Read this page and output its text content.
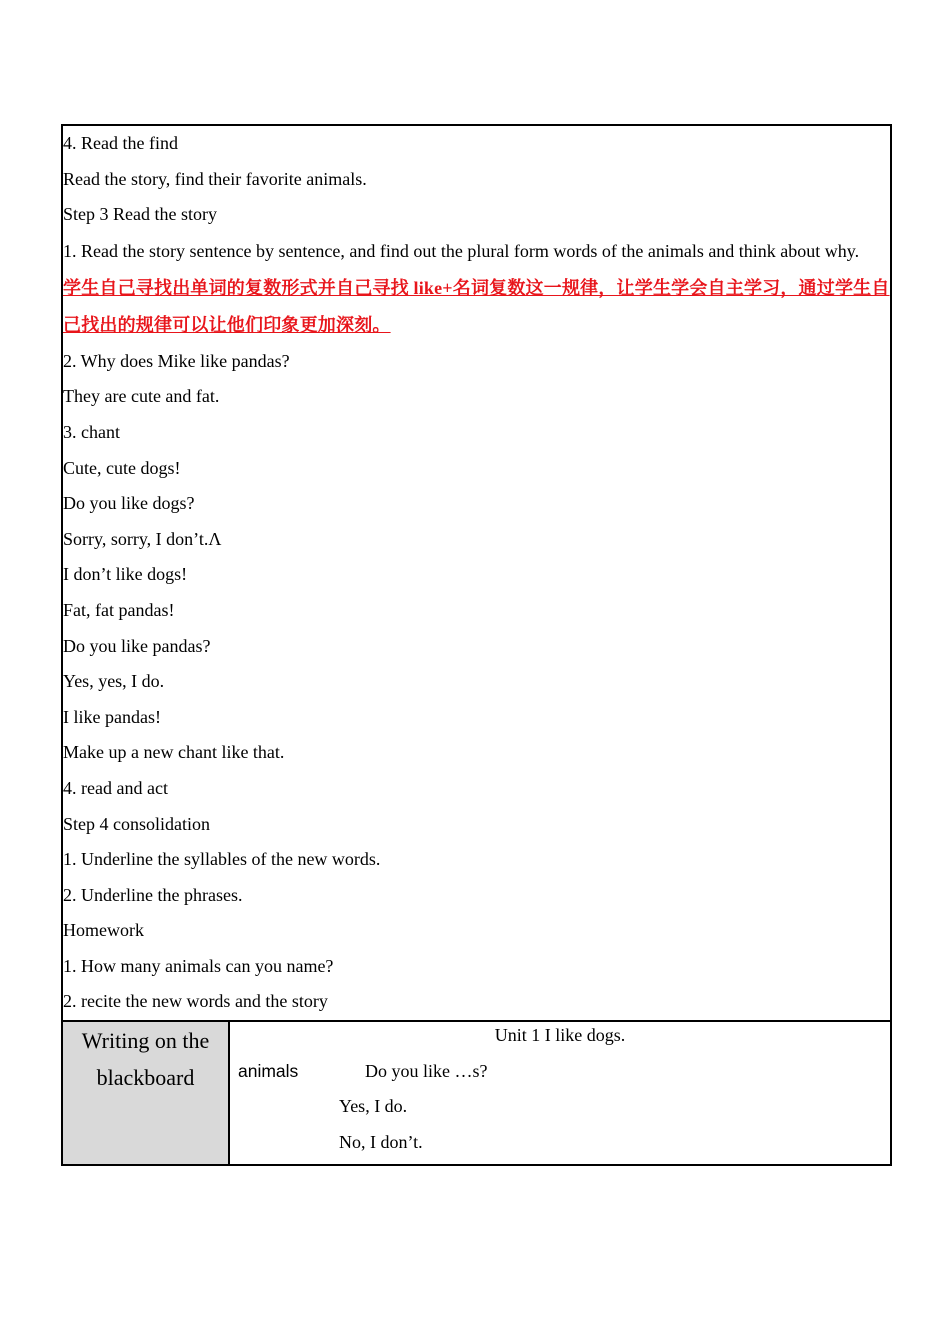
4. Read the find
Read the story, find their favorite animals.
Step 3 Read the story
1. Read the story sentence by sentence, and find out the plural form words of the animals and think about why.
学生自己寻找出单词的复数形式并自己寻找 like+名词复数这一规律，让学生学会自主学习，通过学生自己找出的规律可以让他们印象更加深刻。
2. Why does Mike like pandas?
They are cute and fat.
3. chant
Cute, cute dogs!
Do you like dogs?
Sorry, sorry, I don’t.Λ
I don’t like dogs!
Fat, fat pandas!
Do you like pandas?
Yes, yes, I do.
I like pandas!
Make up a new chant like that.
4. read and act
Step 4 consolidation
1. Underline the syllables of the new words.
2. Underline the phrases.
Homework
1. How many animals can you name?
2. recite the new words and the story

Writing on the
blackboard

Unit 1 I like dogs.
animals	Do you like …s?
Yes, I do.
No, I don’t.
